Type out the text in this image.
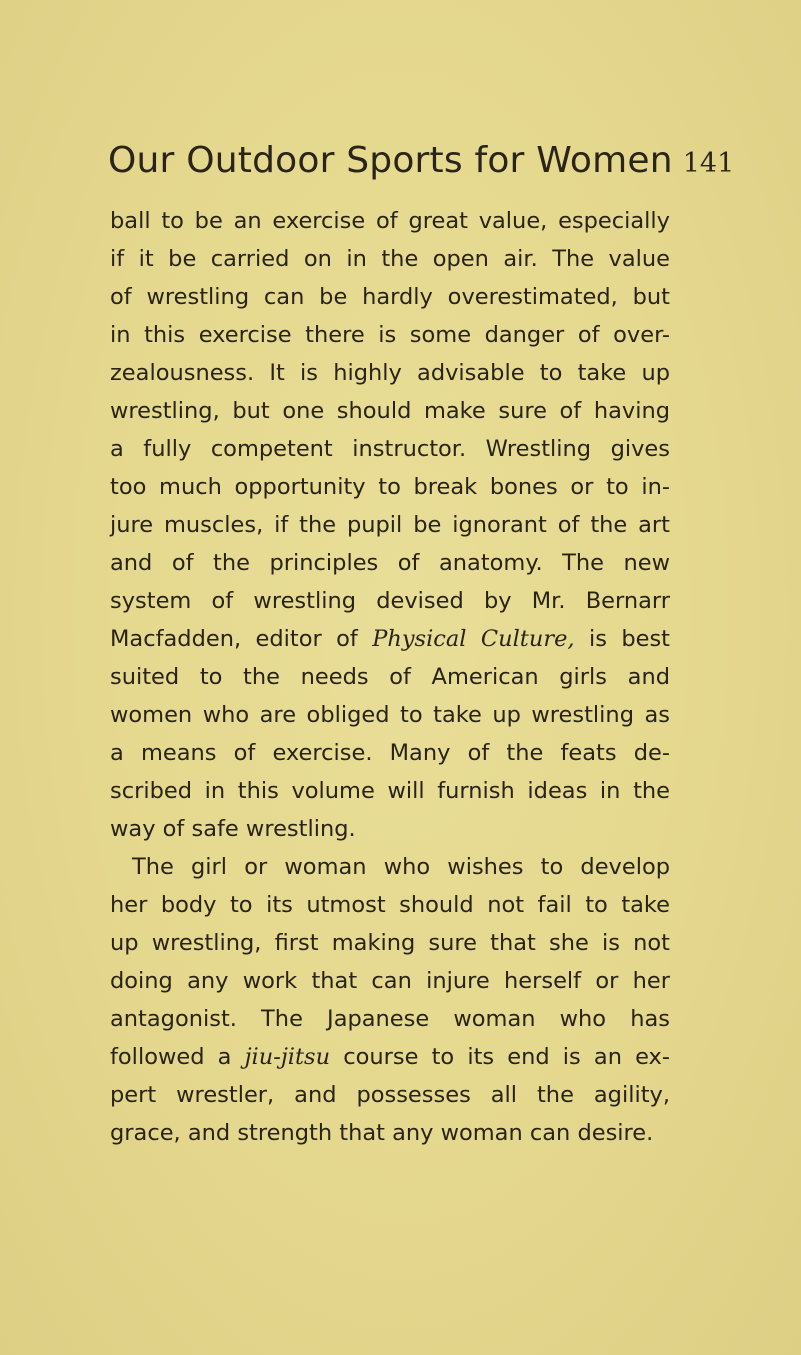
Our Outdoor Sports for Women 141
ball to be an exercise of great value, especially
if it be carried on in the open air. The value
of wrestling can be hardly overestimated, but
in this exercise there is some danger of over-
zealousness. It is highly advisable to take up
wrestling, but one should make sure of having
a fully competent instructor. Wrestling gives
too much opportunity to break bones or to in-
jure muscles, if the pupil be ignorant of the art
and of the principles of anatomy. The new
system of wrestling devised by Mr. Bernarr
Macfadden, editor of Physical Culture, is best
suited to the needs of American girls and
women who are obliged to take up wrestling as
a means of exercise. Many of the feats de-
scribed in this volume will furnish ideas in the
way of safe wrestling.
The girl or woman who wishes to develop
her body to its utmost should not fail to take
up wrestling, first making sure that she is not
doing any work that can injure herself or her
antagonist. The Japanese woman who has
followed a jiu-jitsu course to its end is an ex-
pert wrestler, and possesses all the agility,
grace, and strength that any woman can desire.
